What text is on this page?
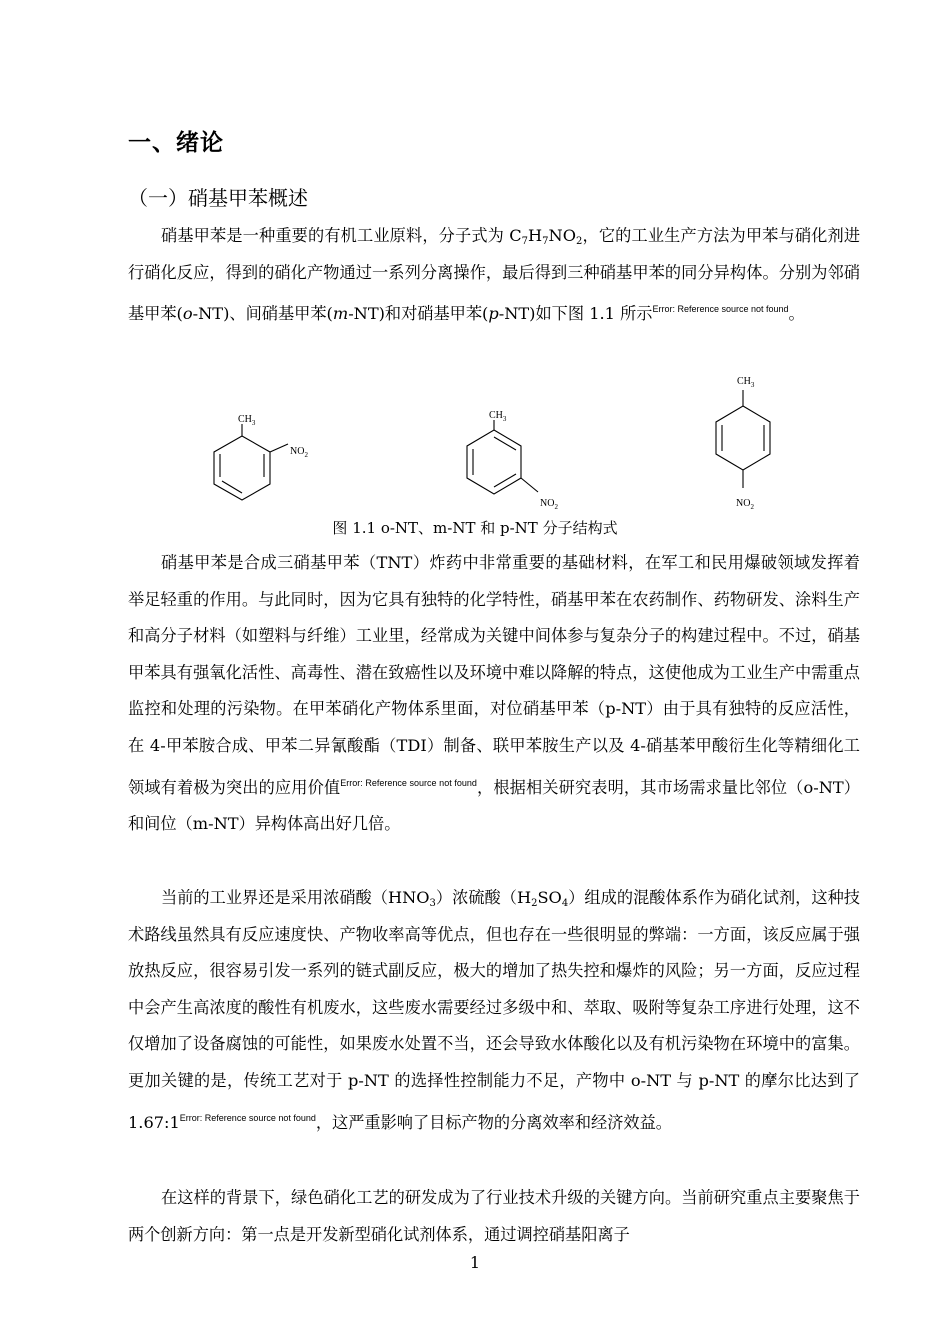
一、绪论
（一）硝基甲苯概述
硝基甲苯是一种重要的有机工业原料，分子式为 $C_7H_7NO_2$，它的工业生产方法为甲苯与硝化剂进行硝化反应，得到的硝化产物通过一系列分离操作，最后得到三种硝基甲苯的同分异构体。分别为邻硝基甲苯(o-NT)、间硝基甲苯(m-NT)和对硝基甲苯(p-NT)如下图 1.1 所示$^{Error: Reference source not found}$。
$CH_3$
$NO_2$
$CH_3$
$NO_2$
$CH_3$
$NO_2$
图 1.1 o-NT、m-NT 和 p-NT 分子结构式
硝基甲苯是合成三硝基甲苯（TNT）炸药中非常重要的基础材料，在军工和民用爆破领域发挥着举足轻重的作用。与此同时，因为它具有独特的化学特性，硝基甲苯在农药制作、药物研发、涂料生产和高分子材料（如塑料与纤维）工业里，经常成为关键中间体参与复杂分子的构建过程中。不过，硝基甲苯具有强氧化活性、高毒性、潜在致癌性以及环境中难以降解的特点，这使他成为工业生产中需重点监控和处理的污染物。在甲苯硝化产物体系里面，对位硝基甲苯（p-NT）由于具有独特的反应活性，在 4-甲苯胺合成、甲苯二异氰酸酯（TDI）制备、联甲苯胺生产以及 4-硝基苯甲酸衍生化等精细化工领域有着极为突出的应用价值$^{Error: Reference source not found}$，根据相关研究表明，其市场需求量比邻位（o-NT）和间位（m-NT）异构体高出好几倍。
当前的工业界还是采用浓硝酸$(HNO_3)$浓硫酸$(H_2SO_4)$组成的混酸体系作为硝化试剂，这种技术路线虽然具有反应速度快、产物收率高等优点，但也存在一些很明显的弊端：一方面，该反应属于强放热反应，很容易引发一系列的链式副反应，极大的增加了热失控和爆炸的风险；另一方面，反应过程中会产生高浓度的酸性有机废水，这些废水需要经过多级中和、萃取、吸附等复杂工序进行处理，这不仅增加了设备腐蚀的可能性，如果废水处置不当，还会导致水体酸化以及有机污染物在环境中的富集。更加关键的是，传统工艺对于 p-NT 的选择性控制能力不足，产物中 o-NT 与 p-NT 的摩尔比达到了 1.67:1$^{Error: Reference source not found}$，这严重影响了目标产物的分离效率和经济效益。
在这样的背景下，绿色硝化工艺的研发成为了行业技术升级的关键方向。当前研究重点主要聚焦于两个创新方向：第一点是开发新型硝化试剂体系，通过调控硝基阳离子
1
